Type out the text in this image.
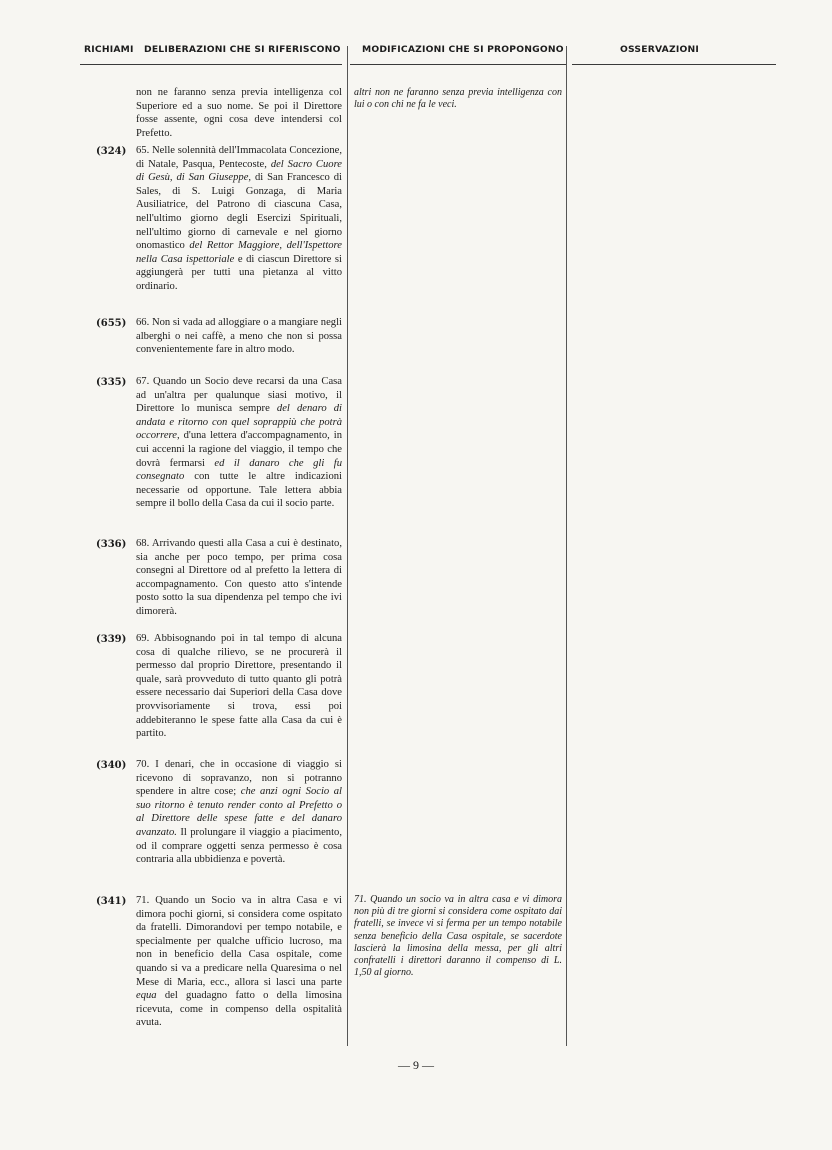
RICHIAMI DELIBERAZIONI CHE SI RIFERISCONO MODIFICAZIONI CHE SI PROPONGONO	OSSERVAZIONI
non ne faranno senza previa intelligenza col Superiore ed a suo nome. Se poi il Direttore fosse assente, ogni cosa deve intendersi col Prefetto.
(324) 65. Nelle solennità dell'Immacolata Concezione, di Natale, Pasqua, Pentecoste, del Sacro Cuore di Gesù, di San Giuseppe, di San Francesco di Sales, di S. Luigi Gonzaga, di Maria Ausiliatrice, del Patrono di ciascuna Casa, nell'ultimo giorno degli Esercizi Spirituali, nell'ultimo giorno di carnevale e nel giorno onomastico del Rettor Maggiore, dell'Ispettore nella Casa ispettoriale e di ciascun Direttore si aggiungerà per tutti una pietanza al vitto ordinario.
(655) 66. Non si vada ad alloggiare o a mangiare negli alberghi o nei caffè, a meno che non si possa convenientemente fare in altro modo.
(335) 67. Quando un Socio deve recarsi da una Casa ad un'altra per qualunque siasi motivo, il Direttore lo munisca sempre del denaro di andata e ritorno con quel soprappiù che potrà occorrere, d'una lettera d'accompagnamento, in cui accenni la ragione del viaggio, il tempo che dovrà fermarsi ed il danaro che gli fu consegnato con tutte le altre indicazioni necessarie od opportune. Tale lettera abbia sempre il bollo della Casa da cui il socio parte.
(336) 68. Arrivando questi alla Casa a cui è destinato, sia anche per poco tempo, per prima cosa consegni al Direttore od al prefetto la lettera di accompagnamento. Con questo atto s'intende posto sotto la sua dipendenza pel tempo che ivi dimorerà.
(339) 69. Abbisognando poi in tal tempo di alcuna cosa di qualche rilievo, se ne procurerà il permesso dal proprio Direttore, presentando il quale, sarà provveduto di tutto quanto gli potrà essere necessario dai Superiori della Casa dove provvisoriamente si trova, essi poi addebiteranno le spese fatte alla Casa da cui è partito.
(340) 70. I denari, che in occasione di viaggio si ricevono di sopravanzo, non si potranno spendere in altre cose; che anzi ogni Socio al suo ritorno è tenuto render conto al Prefetto o al Direttore delle spese fatte e del danaro avanzato. Il prolungare il viaggio a piacimento, od il comprare oggetti senza permesso è cosa contraria alla ubbidienza e povertà.
(341) 71. Quando un Socio va in altra Casa e vi dimora pochi giorni, si considera come ospitato da fratelli. Dimorandovi per tempo notabile, e specialmente per qualche ufficio lucroso, ma non in beneficio della Casa ospitale, come quando si va a predicare nella Quaresima o nel Mese di Maria, ecc., allora si lasci una parte equa del guadagno fatto o della limosina ricevuta, come in compenso della ospitalità avuta.
altri non ne faranno senza previa intelligenza con lui o con chi ne fa le veci.
71. Quando un socio va in altra casa e vi dimora non più di tre giorni si considera come ospitato dai fratelli, se invece vi si ferma per un tempo notabile senza beneficio della Casa ospitale, se sacerdote lascierà la limosina della messa, per gli altri confratelli i direttori daranno il compenso di L. 1,50 al giorno.
— 9 —
